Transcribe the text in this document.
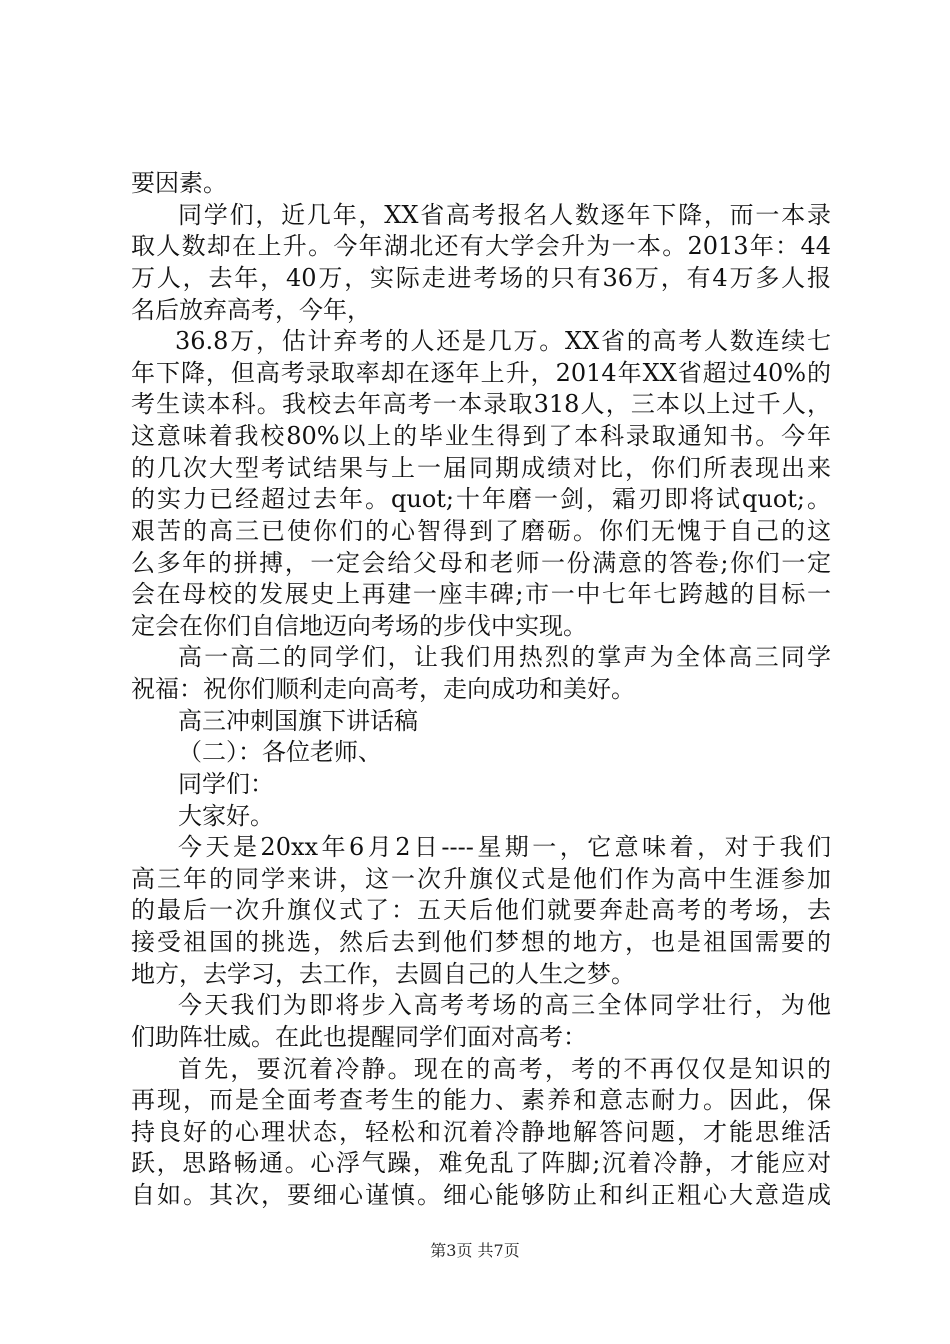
要因素。
同学们，近几年，XX省高考报名人数逐年下降，而一本录
取人数却在上升。今年湖北还有大学会升为一本。2013年：44
万人，去年，40万，实际走进考场的只有36万，有4万多人报
名后放弃高考，今年，
36.8万，估计弃考的人还是几万。XX省的高考人数连续七
年下降，但高考录取率却在逐年上升，2014年XX省超过40%的
考生读本科。我校去年高考一本录取318人，三本以上过千人，
这意味着我校80%以上的毕业生得到了本科录取通知书。今年
的几次大型考试结果与上一届同期成绩对比，你们所表现出来
的实力已经超过去年。quot;十年磨一剑，霜刃即将试quot;。
艰苦的高三已使你们的心智得到了磨砺。你们无愧于自己的这
么多年的拼搏，一定会给父母和老师一份满意的答卷;你们一定
会在母校的发展史上再建一座丰碑;市一中七年七跨越的目标一
定会在你们自信地迈向考场的步伐中实现。
高一高二的同学们，让我们用热烈的掌声为全体高三同学
祝福：祝你们顺利走向高考，走向成功和美好。
高三冲刺国旗下讲话稿
（二）：各位老师、
同学们：
大家好。
今天是20xx年6月2日----星期一，它意味着，对于我们
高三年的同学来讲，这一次升旗仪式是他们作为高中生涯参加
的最后一次升旗仪式了：五天后他们就要奔赴高考的考场，去
接受祖国的挑选，然后去到他们梦想的地方，也是祖国需要的
地方，去学习，去工作，去圆自己的人生之梦。
今天我们为即将步入高考考场的高三全体同学壮行，为他
们助阵壮威。在此也提醒同学们面对高考：
首先，要沉着冷静。现在的高考，考的不再仅仅是知识的
再现，而是全面考查考生的能力、素养和意志耐力。因此，保
持良好的心理状态，轻松和沉着冷静地解答问题，才能思维活
跃，思路畅通。心浮气躁，难免乱了阵脚;沉着冷静，才能应对
自如。其次，要细心谨慎。细心能够防止和纠正粗心大意造成
第3页 共7页
